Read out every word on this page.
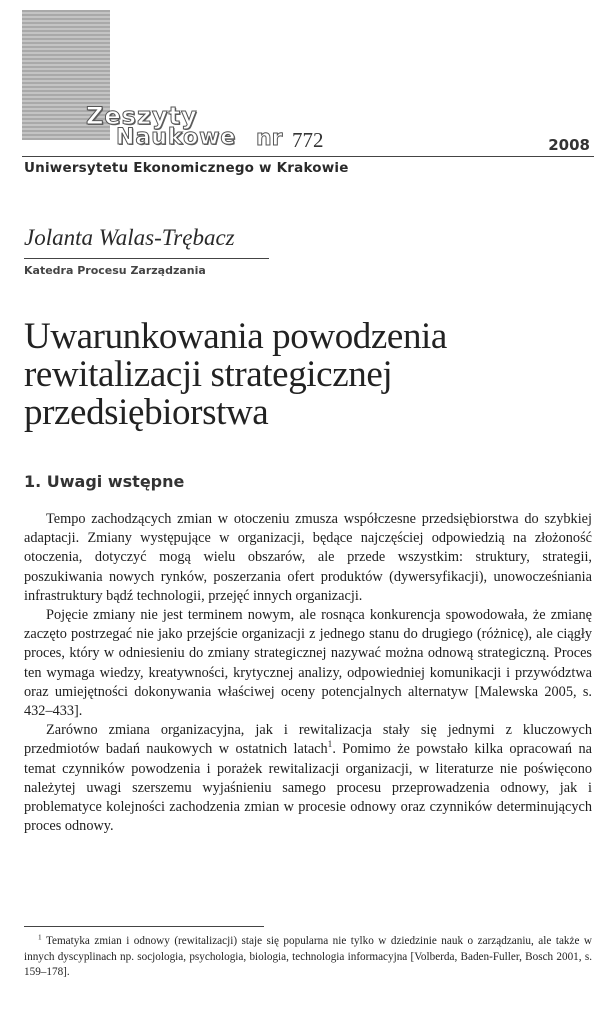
Zeszyty
Naukowe nr 772	2008
Uniwersytetu Ekonomicznego w Krakowie
Jolanta Walas-Trębacz
Katedra Procesu Zarządzania
Uwarunkowania powodzenia rewitalizacji strategicznej przedsiębiorstwa
1. Uwagi wstępne

Tempo zachodzących zmian w otoczeniu zmusza współczesne przedsiębiorstwa do szybkiej adaptacji. Zmiany występujące w organizacji, będące najczęściej odpowiedzią na złożoność otoczenia, dotyczyć mogą wielu obszarów, ale przede wszystkim: struktury, strategii, poszukiwania nowych rynków, poszerzania ofert produktów (dywersyfikacji), unowocześniania infrastruktury bądź technologii, przejęć innych organizacji.

Pojęcie zmiany nie jest terminem nowym, ale rosnąca konkurencja spowodowała, że zmianę zaczęto postrzegać nie jako przejście organizacji z jednego stanu do drugiego (różnicę), ale ciągły proces, który w odniesieniu do zmiany strategicznej nazywać można odnową strategiczną. Proces ten wymaga wiedzy, kreatywności, krytycznej analizy, odpowiedniej komunikacji i przywództwa oraz umiejętności dokonywania właściwej oceny potencjalnych alternatyw [Malewska 2005, s. 432–433].

Zarówno zmiana organizacyjna, jak i rewitalizacja stały się jednymi z kluczowych przedmiotów badań naukowych w ostatnich latach$^1$. Pomimo że powstało kilka opracowań na temat czynników powodzenia i porażek rewitalizacji organizacji, w literaturze nie poświęcono należytej uwagi szerszemu wyjaśnieniu samego procesu przeprowadzenia odnowy, jak i problematyce kolejności zachodzenia zmian w procesie odnowy oraz czynników determinujących proces odnowy.

$^1$ Tematyka zmian i odnowy (rewitalizacji) staje się popularna nie tylko w dziedzinie nauk o zarządzaniu, ale także w innych dyscyplinach np. socjologia, psychologia, biologia, technologia informacyjna [Volberda, Baden-Fuller, Bosch 2001, s. 159–178].
